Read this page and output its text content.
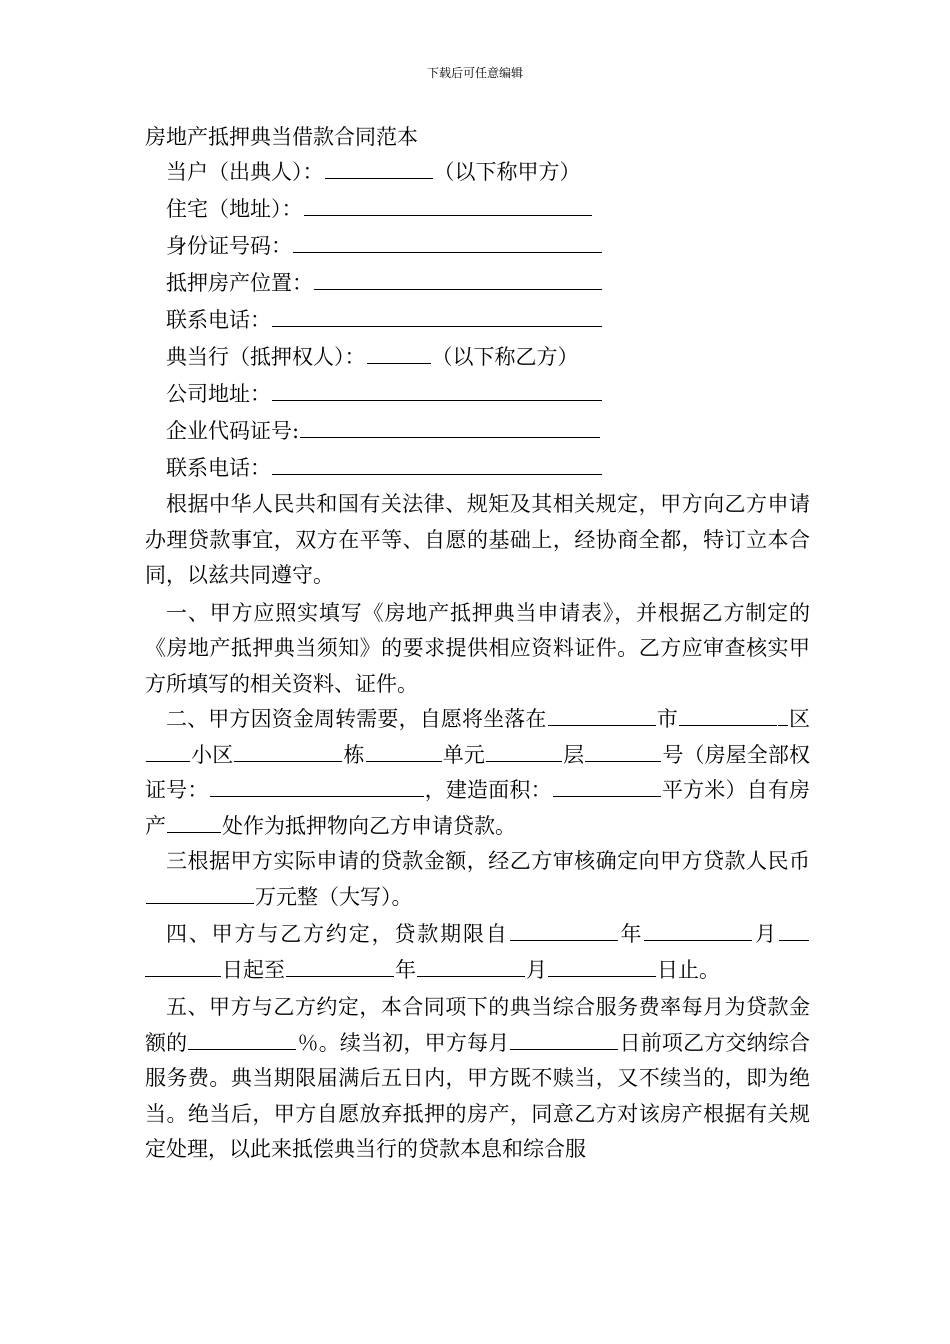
下载后可任意编辑
房地产抵押典当借款合同范本
当户（出典人）：	（以下称甲方）
住宅（地址）：
身份证号码：
抵押房产位置：
联系电话：
典当行（抵押权人）：	（以下称乙方）
公司地址：
企业代码证号:
联系电话：

根据中华人民共和国有关法律、规矩及其相关规定，甲方向乙方申请办理贷款事宜，双方在平等、自愿的基础上，经协商全都，特订立本合同，以兹共同遵守。

一、甲方应照实填写《房地产抵押典当申请表》，并根据乙方制定的《房地产抵押典当须知》的要求提供相应资料证件。乙方应审查核实甲方所填写的相关资料、证件。

二、甲方因资金周转需要，自愿将坐落在	市	区小区	栋	单元	层	号（房屋全部权证号：	，建造面积：	平方米）自有房产	处作为抵押物向乙方申请贷款。

三根据甲方实际申请的贷款金额，经乙方审核确定向甲方贷款人民币万元整（大写）。

四、甲方与乙方约定，贷款期限自	年	月日起至	年	月	日止。

五、甲方与乙方约定，本合同项下的典当综合服务费率每月为贷款金额的	％。续当初，甲方每月	日前项乙方交纳综合服务费。典当期限届满后五日内，甲方既不赎当，又不续当的，即为绝当。绝当后，甲方自愿放弃抵押的房产，同意乙方对该房产根据有关规定处理，以此来抵偿典当行的贷款本息和综合服
